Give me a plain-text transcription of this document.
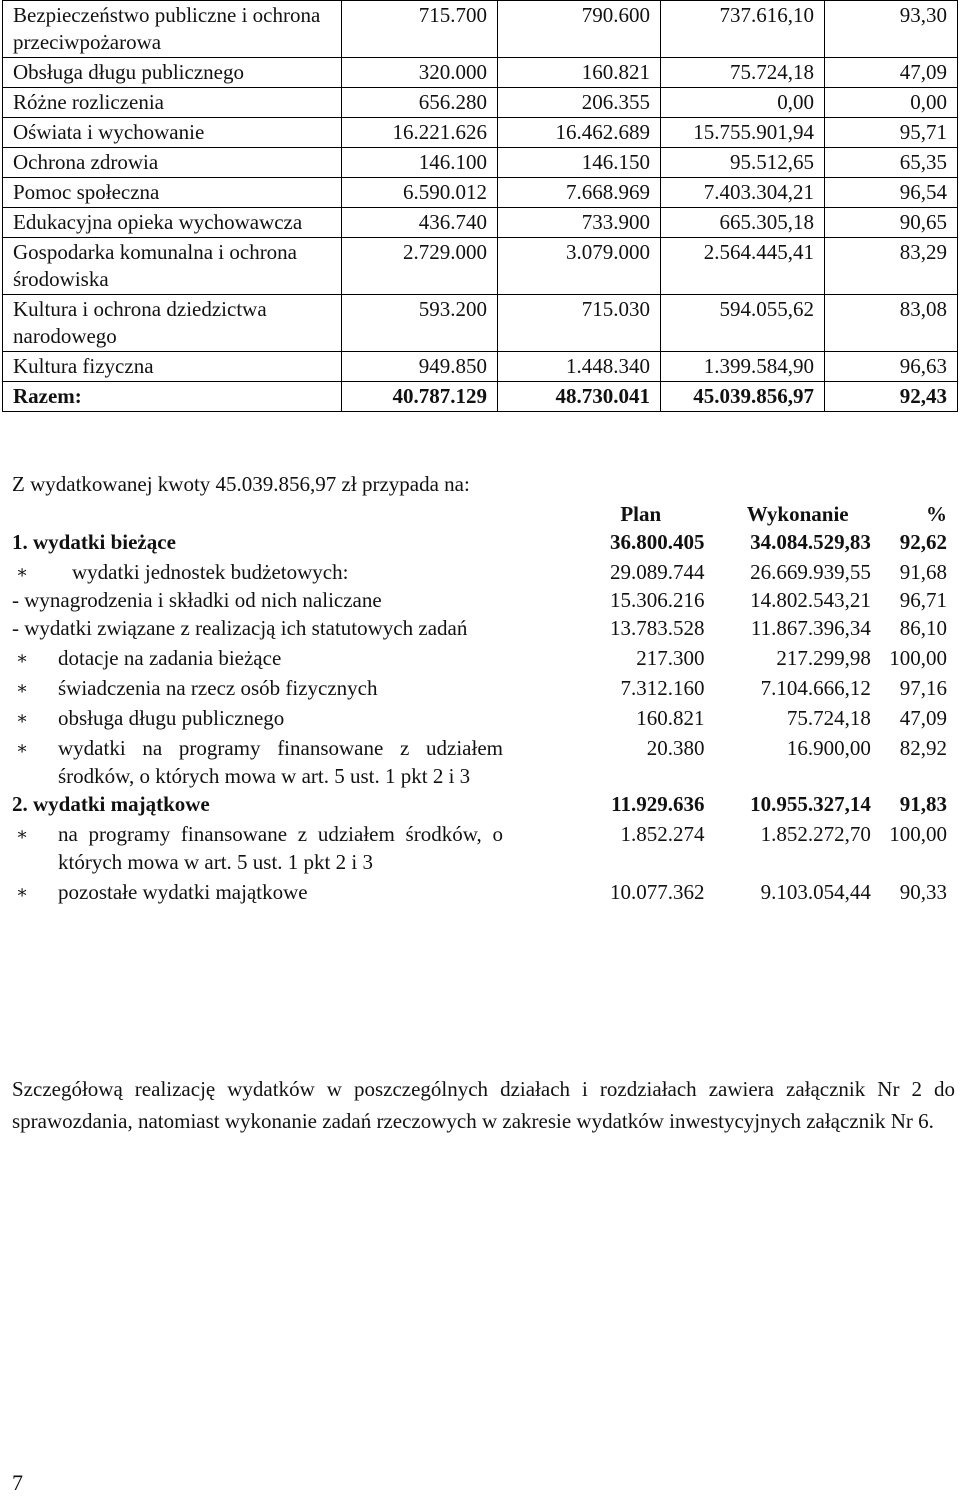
Bezpieczeństwo publiczne i ochrona przeciwpożarowa	715.700	790.600	737.616,10	93,30
Obsługa długu publicznego	320.000	160.821	75.724,18	47,09
Różne rozliczenia	656.280	206.355	0,00	0,00
Oświata i wychowanie	16.221.626	16.462.689	15.755.901,94	95,71
Ochrona zdrowia	146.100	146.150	95.512,65	65,35
Pomoc społeczna	6.590.012	7.668.969	7.403.304,21	96,54
Edukacyjna opieka wychowawcza	436.740	733.900	665.305,18	90,65
Gospodarka komunalna i ochrona środowiska	2.729.000	3.079.000	2.564.445,41	83,29
Kultura i ochrona dziedzictwa narodowego	593.200	715.030	594.055,62	83,08
Kultura fizyczna	949.850	1.448.340	1.399.584,90	96,63
Razem:	40.787.129	48.730.041	45.039.856,97	92,43
Z wydatkowanej kwoty 45.039.856,97 zł przypada na:
	Plan	Wykonanie	%
1. wydatki bieżące	36.800.405	34.084.529,83	92,62

∗ wydatki jednostek budżetowych:	29.089.744	26.669.939,55	91,68
- wynagrodzenia i składki od nich naliczane	15.306.216	14.802.543,21	96,71
- wydatki związane z realizacją ich statutowych zadań	13.783.528	11.867.396,34	86,10

∗ dotacje na zadania bieżące	217.300	217.299,98	100,00

∗ świadczenia na rzecz osób fizycznych	7.312.160	7.104.666,12	97,16

∗ obsługa długu publicznego	160.821	75.724,18	47,09

∗ wydatki na programy finansowane z udziałem środków, o których mowa w art. 5 ust. 1 pkt 2 i 3	20.380	16.900,00	82,92
2. wydatki majątkowe	11.929.636	10.955.327,14	91,83

∗ na programy finansowane z udziałem środków, o których mowa w art. 5 ust. 1 pkt 2 i 3	1.852.274	1.852.272,70	100,00

∗ pozostałe wydatki majątkowe	10.077.362	9.103.054,44	90,33

Szczegółową realizację wydatków w poszczególnych działach i rozdziałach zawiera załącznik Nr 2 do sprawozdania, natomiast wykonanie zadań rzeczowych w zakresie wydatków inwestycyjnych załącznik Nr 6.

7
